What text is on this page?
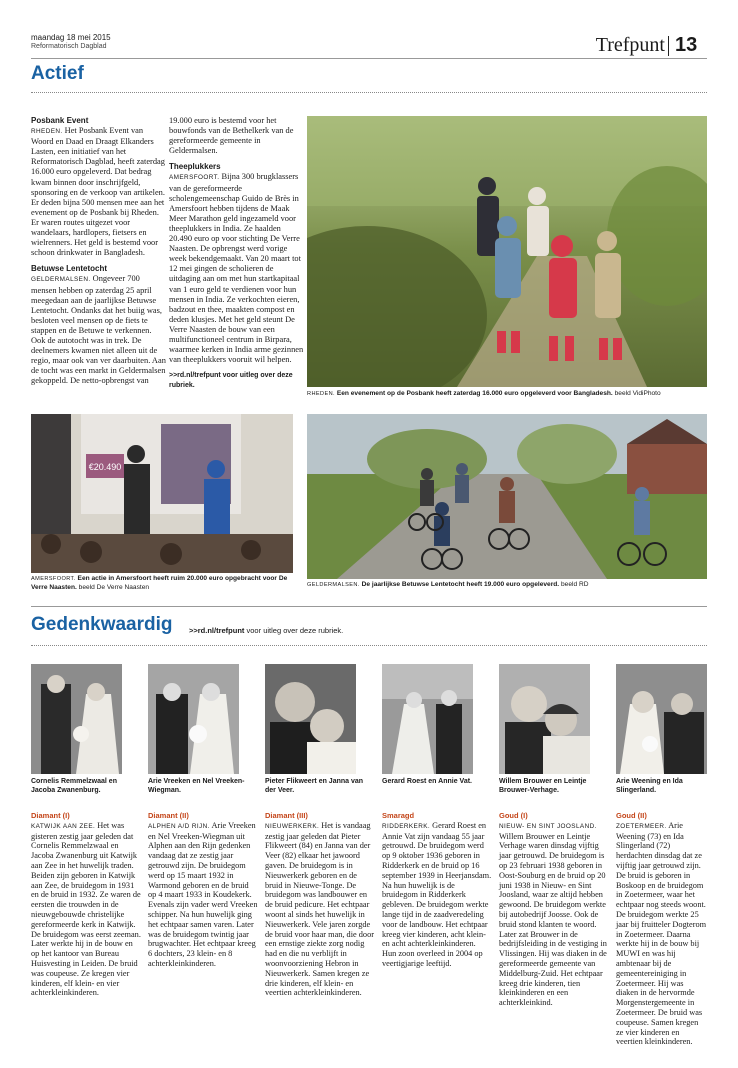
maandag 18 mei 2015
Reformatorisch Dagblad	Trefpunt 13
Actief
Posbank Event

RHEDEN. Het Posbank Event van Woord en Daad en Draagt Elkanders Lasten, een initiatief van het Reformatorisch Dagblad, heeft zaterdag 16.000 euro opgeleverd. Dat bedrag kwam binnen door inschrijfgeld, sponsoring en de verkoop van artikelen. Er deden bijna 500 mensen mee aan het evenement op de Posbank bij Rheden. Er waren routes uitgezet voor wandelaars, hardlopers, fietsers en wielrenners. Het geld is bestemd voor schoon drinkwater in Bangladesh.

Betuwse Lentetocht

GELDERMALSEN. Ongeveer 700 mensen hebben op zaterdag 25 april meegedaan aan de jaarlijkse Betuwse Lentetocht. Ondanks dat het buiig was, besloten veel mensen op de fiets te stappen en de Betuwe te verkennen. Ook de autotocht was in trek. De deelnemers kwamen niet alleen uit de regio, maar ook van ver daarbuiten. Aan de tocht was een markt in Geldermalsen gekoppeld. De netto-opbrengst van

19.000 euro is bestemd voor het bouwfonds van de Bethelkerk van de gereformeerde gemeente in Geldermalsen.

Theeplukkers

AMERSFOORT. Bijna 300 brugklassers van de gereformeerde scholengemeenschap Guido de Brès in Amersfoort hebben tijdens de Maak Meer Marathon geld ingezameld voor theeplukkers in India. Ze haalden 20.490 euro op voor stichting De Verre Naasten. De opbrengst werd vorige week bekendgemaakt. Van 20 maart tot 12 mei gingen de scholieren de uitdaging aan om met hun startkapitaal van 1 euro geld te verdienen voor hun mensen in India. Ze verkochten eieren, badzout en thee, maakten compost en deden klusjes. Met het geld steunt De Verre Naasten de bouw van een multifunctioneel centrum in Birpara, waarmee kerken in India arme gezinnen van theeplukkers vooruit wil helpen.

>>rd.nl/trefpunt voor uitleg over deze rubriek.

RHEDEN. Een evenement op de Posbank heeft zaterdag 16.000 euro opgeleverd voor Bangladesh. beeld VidiPhoto
€20.490
AMERSFOORT. Een actie in Amersfoort heeft ruim 20.000 euro opgebracht voor De Verre Naasten. beeld De Verre Naasten	GELDERMALSEN. De jaarlijkse Betuwse Lentetocht heeft 19.000 euro opgeleverd. beeld RD
Gedenkwaardig >>rd.nl/trefpunt voor uitleg over deze rubriek.
Cornelis Remmelzwaal en Jacoba Zwanenburg.
Diamant (I)
KATWIJK AAN ZEE. Het was gisteren zestig jaar geleden dat Cornelis Remmelzwaal en Jacoba Zwanenburg uit Katwijk aan Zee in het huwelijk traden. Beiden zijn geboren in Katwijk aan Zee, de bruidegom in 1931 en de bruid in 1932. Ze waren de eersten die trouwden in de nieuwgebouwde christelijke gereformeerde kerk in Katwijk. De bruidegom was eerst zeeman. Later werkte hij in de bouw en op het kantoor van Bureau Huisvesting in Leiden. De bruid was coupeuse. Ze kregen vier kinderen, elf klein- en vier achterkleinkinderen.
Arie Vreeken en Nel Vreeken-Wiegman.
Diamant (II)
ALPHEN A/D RIJN. Arie Vreeken en Nel Vreeken-Wiegman uit Alphen aan den Rijn gedenken vandaag dat ze zestig jaar getrouwd zijn. De bruidegom werd op 15 maart 1932 in Warmond geboren en de bruid op 4 maart 1933 in Koudekerk. Evenals zijn vader werd Vreeken schipper. Na hun huwelijk ging het echtpaar samen varen. Later was de bruidegom twintig jaar brugwachter. Het echtpaar kreeg 6 dochters, 23 klein- en 8 achterkleinkinderen.
Pieter Flikweert en Janna van der Veer.
Diamant (III)
NIEUWERKERK. Het is vandaag zestig jaar geleden dat Pieter Flikweert (84) en Janna van der Veer (82) elkaar het jawoord gaven. De bruidegom is in Nieuwerkerk geboren en de bruid in Nieuwe-Tonge. De bruidegom was landbouwer en de bruid pedicure. Het echtpaar woont al sinds het huwelijk in Nieuwerkerk. Vele jaren zorgde de bruid voor haar man, die door een ernstige ziekte zorg nodig had en die nu verblijft in woonvoorziening Hebron in Nieuwerkerk. Samen kregen ze drie kinderen, elf klein- en veertien achterkleinkinderen.
Gerard Roest en Annie Vat.
Smaragd
RIDDERKERK. Gerard Roest en Annie Vat zijn vandaag 55 jaar getrouwd. De bruidegom werd op 9 oktober 1936 geboren in Ridderkerk en de bruid op 16 september 1939 in Heerjansdam. Na hun huwelijk is de bruidegom in Ridderkerk gebleven. De bruidegom werkte lange tijd in de zaadveredeling voor de landbouw. Het echtpaar kreeg vier kinderen, acht klein- en acht achterkleinkinderen. Hun zoon overleed in 2004 op veertigjarige leeftijd.
Willem Brouwer en Leintje Brouwer-Verhage.
Goud (I)
NIEUW- EN SINT JOOSLAND. Willem Brouwer en Leintje Verhage waren dinsdag vijftig jaar getrouwd. De bruidegom is op 23 februari 1938 geboren in Oost-Souburg en de bruid op 20 juni 1938 in Nieuw- en Sint Joosland, waar ze altijd hebben gewoond. De bruidegom werkte bij autobedrijf Joosse. Ook de bruid stond klanten te woord. Later zat Brouwer in de bedrijfsleiding in de vestiging in Vlissingen. Hij was diaken in de gereformeerde gemeente van Middelburg-Zuid. Het echtpaar kreeg drie kinderen, tien kleinkinderen en een achterkleinkind.
Arie Weening en Ida Slingerland.
Goud (II)
ZOETERMEER. Arie Weening (73) en Ida Slingerland (72) herdachten dinsdag dat ze vijftig jaar getrouwd zijn. De bruid is geboren in Boskoop en de bruidegom in Zoetermeer, waar het echtpaar nog steeds woont. De bruidegom werkte 25 jaar bij fruitteler Dogterom in Zoetermeer. Daarna werkte hij in de bouw bij MUWI en was hij ambtenaar bij de gemeentereiniging in Zoetermeer. Hij was diaken in de hervormde Morgenstergemeente in Zoetermeer. De bruid was coupeuse. Samen kregen ze vier kinderen en veertien kleinkinderen.
